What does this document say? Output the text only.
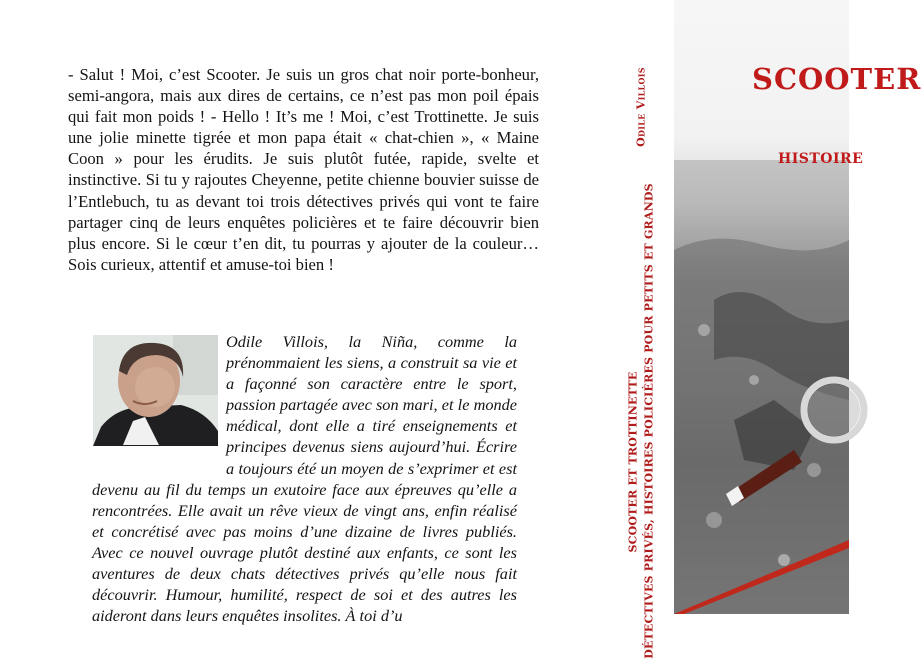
- Salut ! Moi, c’est Scooter. Je suis un gros chat noir porte-bonheur, semi-angora, mais aux dires de certains, ce n’est pas mon poil épais qui fait mon poids ! - Hello ! It’s me ! Moi, c’est Trottinette. Je suis une jolie minette tigrée et mon papa était « chat-chien », « Maine Coon » pour les érudits. Je suis plutôt futée, rapide, svelte et instinctive. Si tu y rajoutes Cheyenne, petite chienne bouvier suisse de l’Entlebuch, tu as devant toi trois détectives privés qui vont te faire partager cinq de leurs enquêtes policières et te faire découvrir bien plus encore. Si le cœur t’en dit, tu pourras y ajouter de la couleur… Sois curieux, attentif et amuse-toi bien !

Odile Villois, la Niña, comme la prénommaient les siens, a construit sa vie et a façonné son caractère entre le sport, passion partagée avec son mari, et le monde médical, dont elle a tiré enseignements et principes devenus siens aujourd’hui. Écrire a toujours été un moyen de s’exprimer et est devenu au fil du temps un exutoire face aux épreuves qu’elle a rencontrées. Elle avait un rêve vieux de vingt ans, enfin réalisé et concrétisé avec pas moins d’une dizaine de livres publiés. Avec ce nouvel ouvrage plutôt destiné aux enfants, ce sont les aventures de deux chats détectives privés qu’elle nous fait découvrir. Humour, humilité, respect de soi et des autres les aideront dans leurs enquêtes insolites. À toi d’u
Odile Villois
SCOOTER ET TROTTINETTE DÉTECTIVES PRIVÉS, HISTOIRES POLICIÈRES POUR PETITS ET GRANDS
SCOOTER
HISTOIRE
